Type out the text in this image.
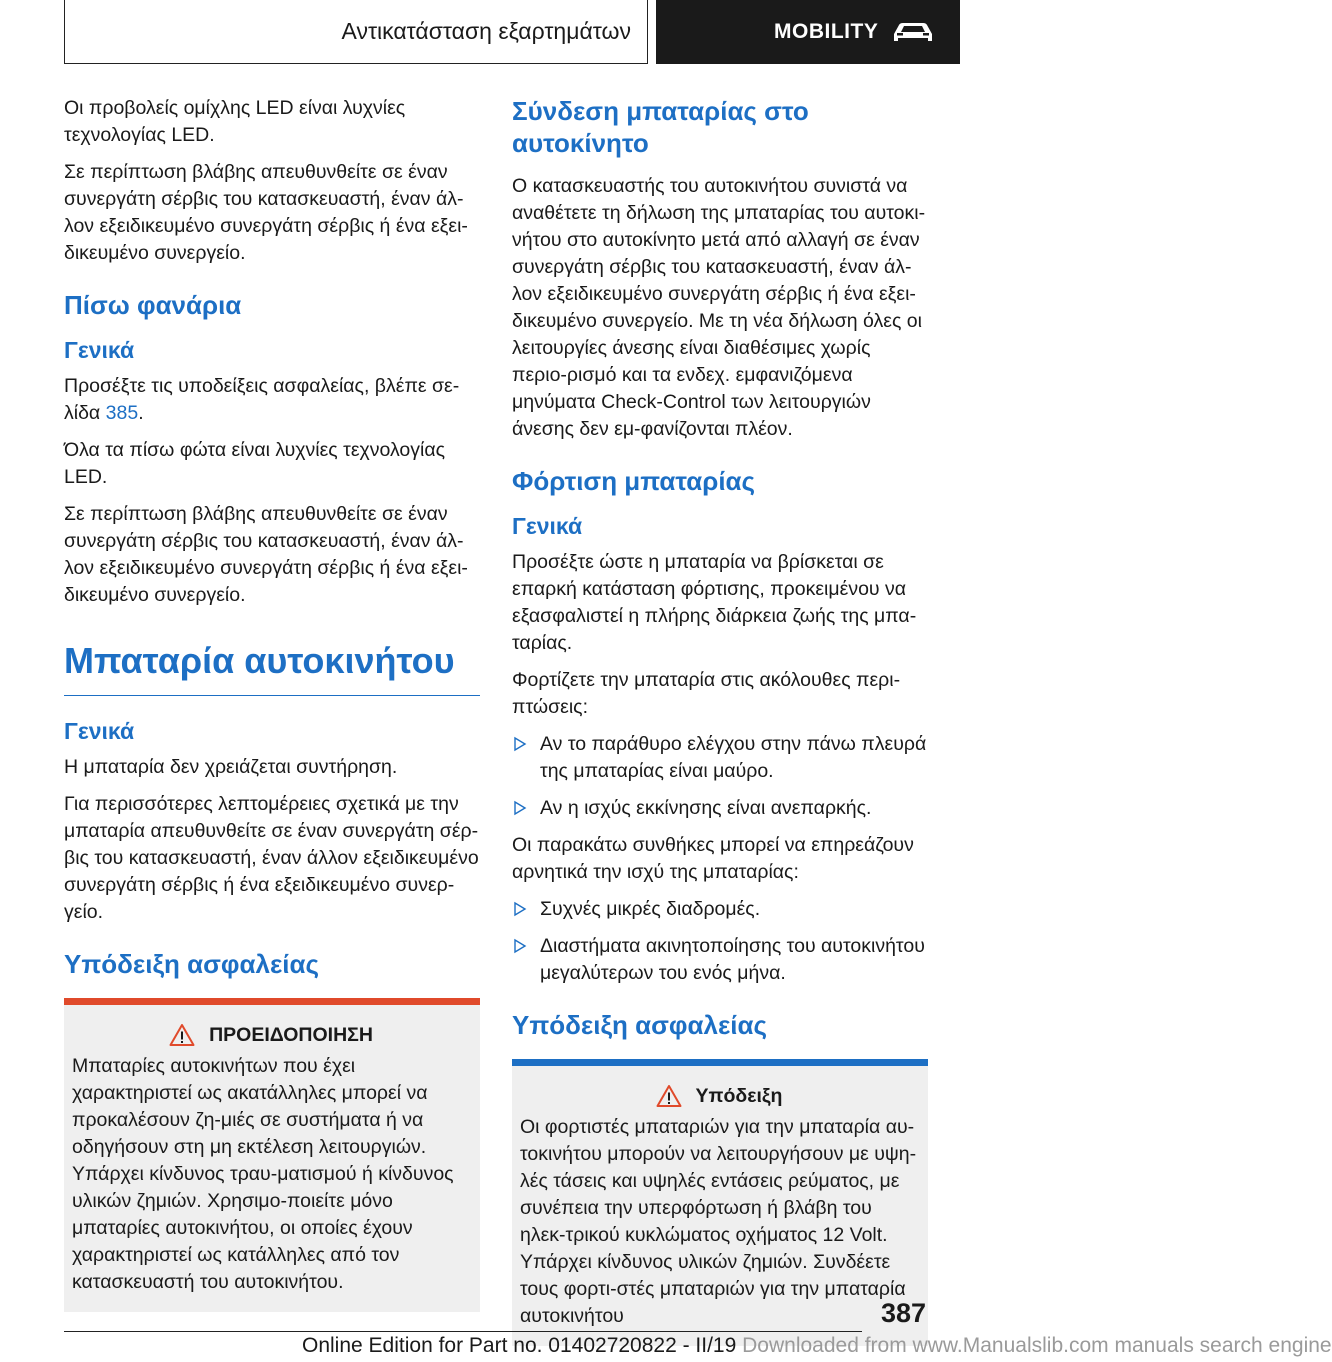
Αντικατάσταση εξαρτημάτων	MOBILITY

Οι προβολείς ομίχλης LED είναι λυχνίες τεχνολογίας LED.

Σε περίπτωση βλάβης απευθυνθείτε σε έναν συνεργάτη σέρβις του κατασκευαστή, έναν άλ-λον εξειδικευμένο συνεργάτη σέρβις ή ένα εξει-δικευμένο συνεργείο.

Πίσω φανάρια
Γενικά

Προσέξτε τις υποδείξεις ασφαλείας, βλέπε σε-λίδα 385.

Όλα τα πίσω φώτα είναι λυχνίες τεχνολογίας LED.

Σε περίπτωση βλάβης απευθυνθείτε σε έναν συνεργάτη σέρβις του κατασκευαστή, έναν άλ-λον εξειδικευμένο συνεργάτη σέρβις ή ένα εξει-δικευμένο συνεργείο.

Μπαταρία αυτοκινήτου
Γενικά

Η μπαταρία δεν χρειάζεται συντήρηση.

Για περισσότερες λεπτομέρειες σχετικά με την μπαταρία απευθυνθείτε σε έναν συνεργάτη σέρ-βις του κατασκευαστή, έναν άλλον εξειδικευμένο συνεργάτη σέρβις ή ένα εξειδικευμένο συνερ-γείο.

Υπόδειξη ασφαλείας
ΠΡΟΕΙΔΟΠΟΙΗΣΗ

Μπαταρίες αυτοκινήτων που έχει χαρακτηριστεί ως ακατάλληλες μπορεί να προκαλέσουν ζη-μιές σε συστήματα ή να οδηγήσουν στη μη εκτέλεση λειτουργιών. Υπάρχει κίνδυνος τραυ-ματισμού ή κίνδυνος υλικών ζημιών. Χρησιμο-ποιείτε μόνο μπαταρίες αυτοκινήτου, οι οποίες έχουν χαρακτηριστεί ως κατάλληλες από τον κατασκευαστή του αυτοκινήτου.

Σύνδεση μπαταρίας στο αυτοκίνητο

Ο κατασκευαστής του αυτοκινήτου συνιστά να αναθέτετε τη δήλωση της μπαταρίας του αυτοκι-νήτου στο αυτοκίνητο μετά από αλλαγή σε έναν συνεργάτη σέρβις του κατασκευαστή, έναν άλ-λον εξειδικευμένο συνεργάτη σέρβις ή ένα εξει-δικευμένο συνεργείο. Με τη νέα δήλωση όλες οι λειτουργίες άνεσης είναι διαθέσιμες χωρίς περιο-ρισμό και τα ενδεχ. εμφανιζόμενα μηνύματα Check-Control των λειτουργιών άνεσης δεν εμ-φανίζονται πλέον.

Φόρτιση μπαταρίας
Γενικά

Προσέξτε ώστε η μπαταρία να βρίσκεται σε επαρκή κατάσταση φόρτισης, προκειμένου να εξασφαλιστεί η πλήρης διάρκεια ζωής της μπα-ταρίας.

Φορτίζετε την μπαταρία στις ακόλουθες περι-πτώσεις:

Αν το παράθυρο ελέγχου στην πάνω πλευρά της μπαταρίας είναι μαύρο.
Αν η ισχύς εκκίνησης είναι ανεπαρκής.

Οι παρακάτω συνθήκες μπορεί να επηρεάζουν αρνητικά την ισχύ της μπαταρίας:

Συχνές μικρές διαδρομές.
Διαστήματα ακινητοποίησης του αυτοκινήτου μεγαλύτερων του ενός μήνα.
Υπόδειξη ασφαλείας
Υπόδειξη

Οι φορτιστές μπαταριών για την μπαταρία αυ-τοκινήτου μπορούν να λειτουργήσουν με υψη-λές τάσεις και υψηλές εντάσεις ρεύματος, με συνέπεια την υπερφόρτωση ή βλάβη του ηλεκ-τρικού κυκλώματος οχήματος 12 Volt. Υπάρχει κίνδυνος υλικών ζημιών. Συνδέετε τους φορτι-στές μπαταριών για την μπαταρία αυτοκινήτου	387
Online Edition for Part no. 01402720822 - II/19 Downloaded from www.Manualslib.com manuals search engine
